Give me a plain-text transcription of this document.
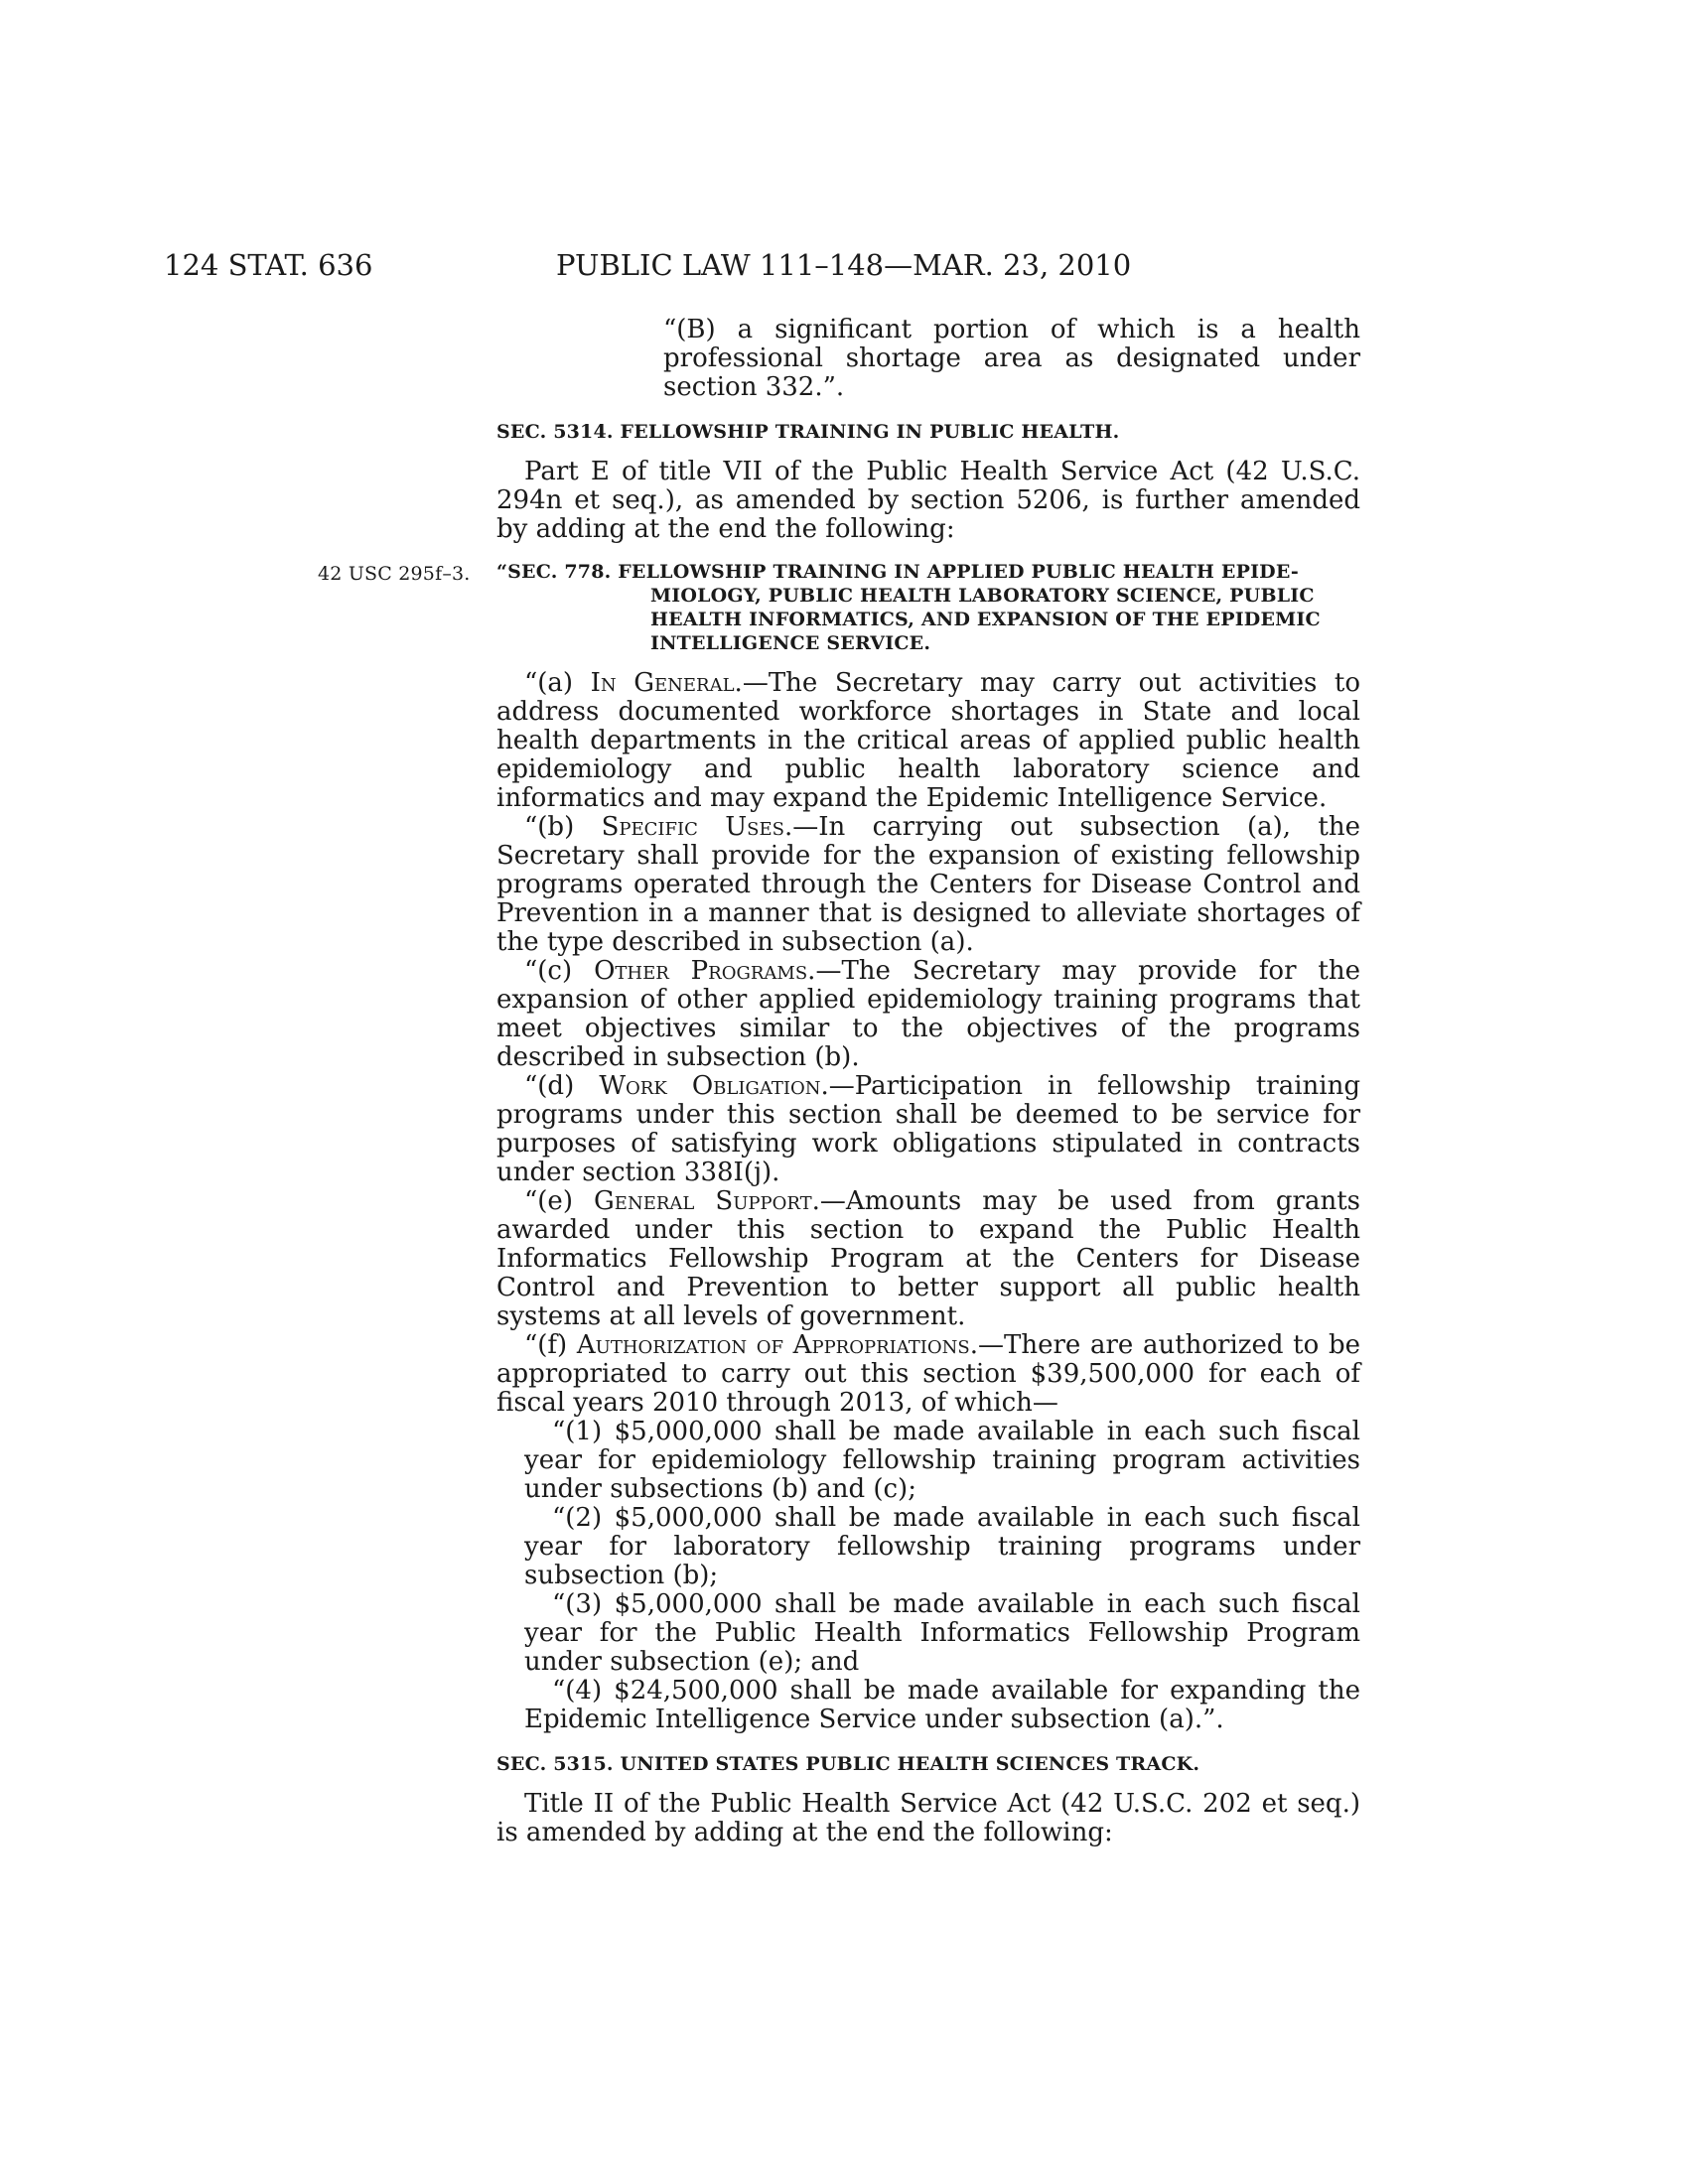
124 STAT. 636	PUBLIC LAW 111–148—MAR. 23, 2010

“(B) a significant portion of which is a health professional shortage area as designated under section 332.”.

SEC. 5314. FELLOWSHIP TRAINING IN PUBLIC HEALTH.

Part E of title VII of the Public Health Service Act (42 U.S.C. 294n et seq.), as amended by section 5206, is further amended by adding at the end the following:

42 USC 295f–3. “SEC. 778. FELLOWSHIP TRAINING IN APPLIED PUBLIC HEALTH EPIDE-
MIOLOGY, PUBLIC HEALTH LABORATORY SCIENCE, PUBLIC HEALTH INFORMATICS, AND EXPANSION OF THE EPIDEMIC INTELLIGENCE SERVICE.

“(a) In General.—The Secretary may carry out activities to address documented workforce shortages in State and local health departments in the critical areas of applied public health epidemiology and public health laboratory science and informatics and may expand the Epidemic Intelligence Service.

“(b) Specific Uses.—In carrying out subsection (a), the Secretary shall provide for the expansion of existing fellowship programs operated through the Centers for Disease Control and Prevention in a manner that is designed to alleviate shortages of the type described in subsection (a).

“(c) Other Programs.—The Secretary may provide for the expansion of other applied epidemiology training programs that meet objectives similar to the objectives of the programs described in subsection (b).

“(d) Work Obligation.—Participation in fellowship training programs under this section shall be deemed to be service for purposes of satisfying work obligations stipulated in contracts under section 338I(j).

“(e) General Support.—Amounts may be used from grants awarded under this section to expand the Public Health Informatics Fellowship Program at the Centers for Disease Control and Prevention to better support all public health systems at all levels of government.

“(f) Authorization of Appropriations.—There are authorized to be appropriated to carry out this section $39,500,000 for each of fiscal years 2010 through 2013, of which—

“(1) $5,000,000 shall be made available in each such fiscal year for epidemiology fellowship training program activities under subsections (b) and (c);

“(2) $5,000,000 shall be made available in each such fiscal year for laboratory fellowship training programs under subsection (b);

“(3) $5,000,000 shall be made available in each such fiscal year for the Public Health Informatics Fellowship Program under subsection (e); and

“(4) $24,500,000 shall be made available for expanding the Epidemic Intelligence Service under subsection (a).”.

SEC. 5315. UNITED STATES PUBLIC HEALTH SCIENCES TRACK.

Title II of the Public Health Service Act (42 U.S.C. 202 et seq.) is amended by adding at the end the following:
